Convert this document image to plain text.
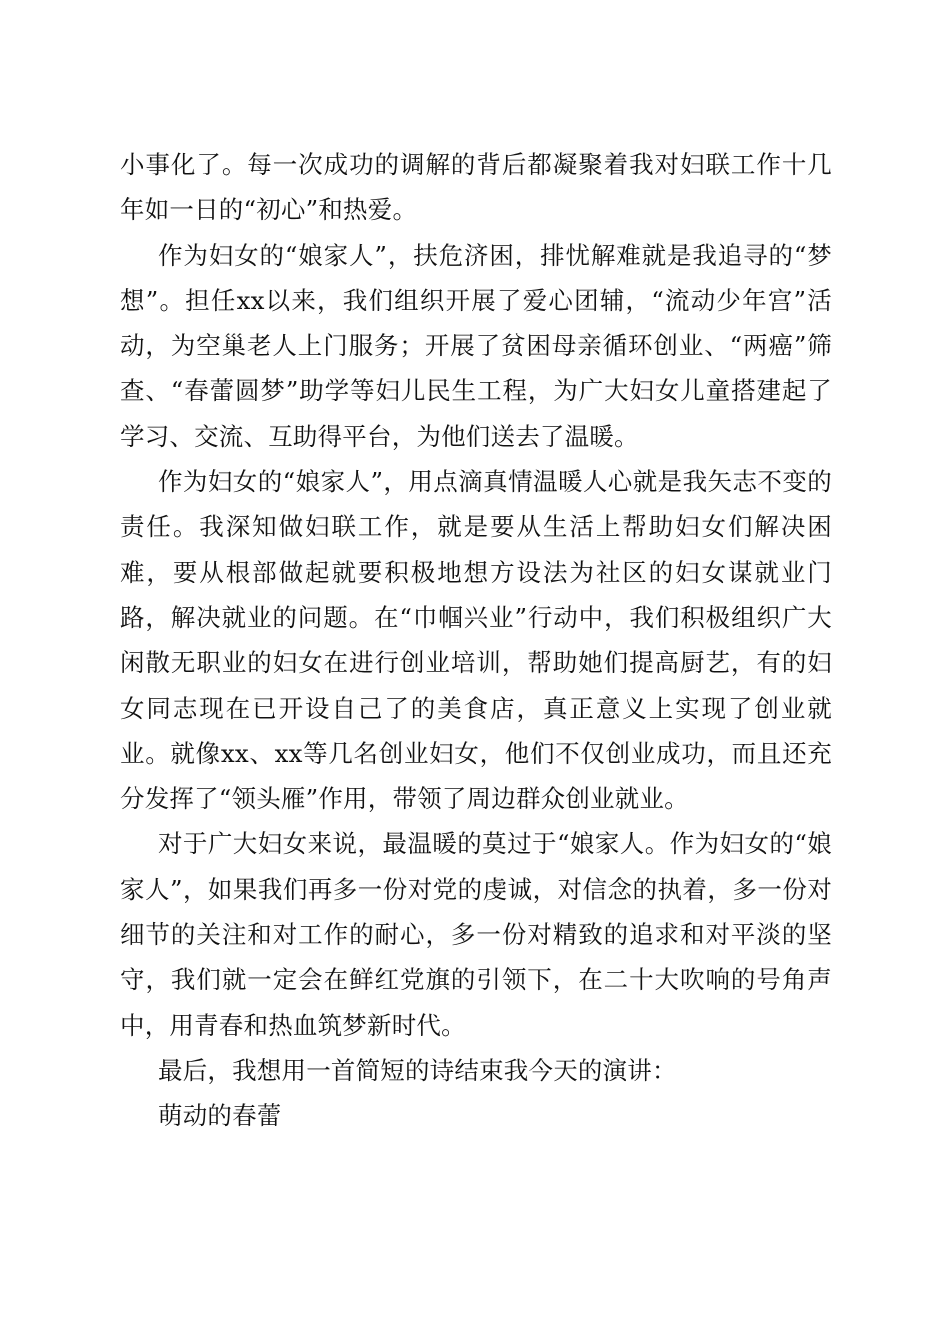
小事化了。每一次成功的调解的背后都凝聚着我对妇联工作十几年如一日的“初心”和热爱。

作为妇女的“娘家人”，扶危济困，排忧解难就是我追寻的“梦想”。担任xx以来，我们组织开展了爱心团辅，“流动少年宫”活动，为空巢老人上门服务；开展了贫困母亲循环创业、“两癌”筛查、“春蕾圆梦”助学等妇儿民生工程，为广大妇女儿童搭建起了学习、交流、互助得平台，为他们送去了温暖。

作为妇女的“娘家人”，用点滴真情温暖人心就是我矢志不变的责任。我深知做妇联工作，就是要从生活上帮助妇女们解决困难，要从根部做起就要积极地想方设法为社区的妇女谋就业门路，解决就业的问题。在“巾帼兴业”行动中，我们积极组织广大闲散无职业的妇女在进行创业培训，帮助她们提高厨艺，有的妇女同志现在已开设自己了的美食店，真正意义上实现了创业就业。就像xx、xx等几名创业妇女，他们不仅创业成功，而且还充分发挥了“领头雁”作用，带领了周边群众创业就业。

对于广大妇女来说，最温暖的莫过于“娘家人。作为妇女的“娘家人”，如果我们再多一份对党的虔诚，对信念的执着，多一份对细节的关注和对工作的耐心，多一份对精致的追求和对平淡的坚守，我们就一定会在鲜红党旗的引领下，在二十大吹响的号角声中，用青春和热血筑梦新时代。

最后，我想用一首简短的诗结束我今天的演讲：

萌动的春蕾
